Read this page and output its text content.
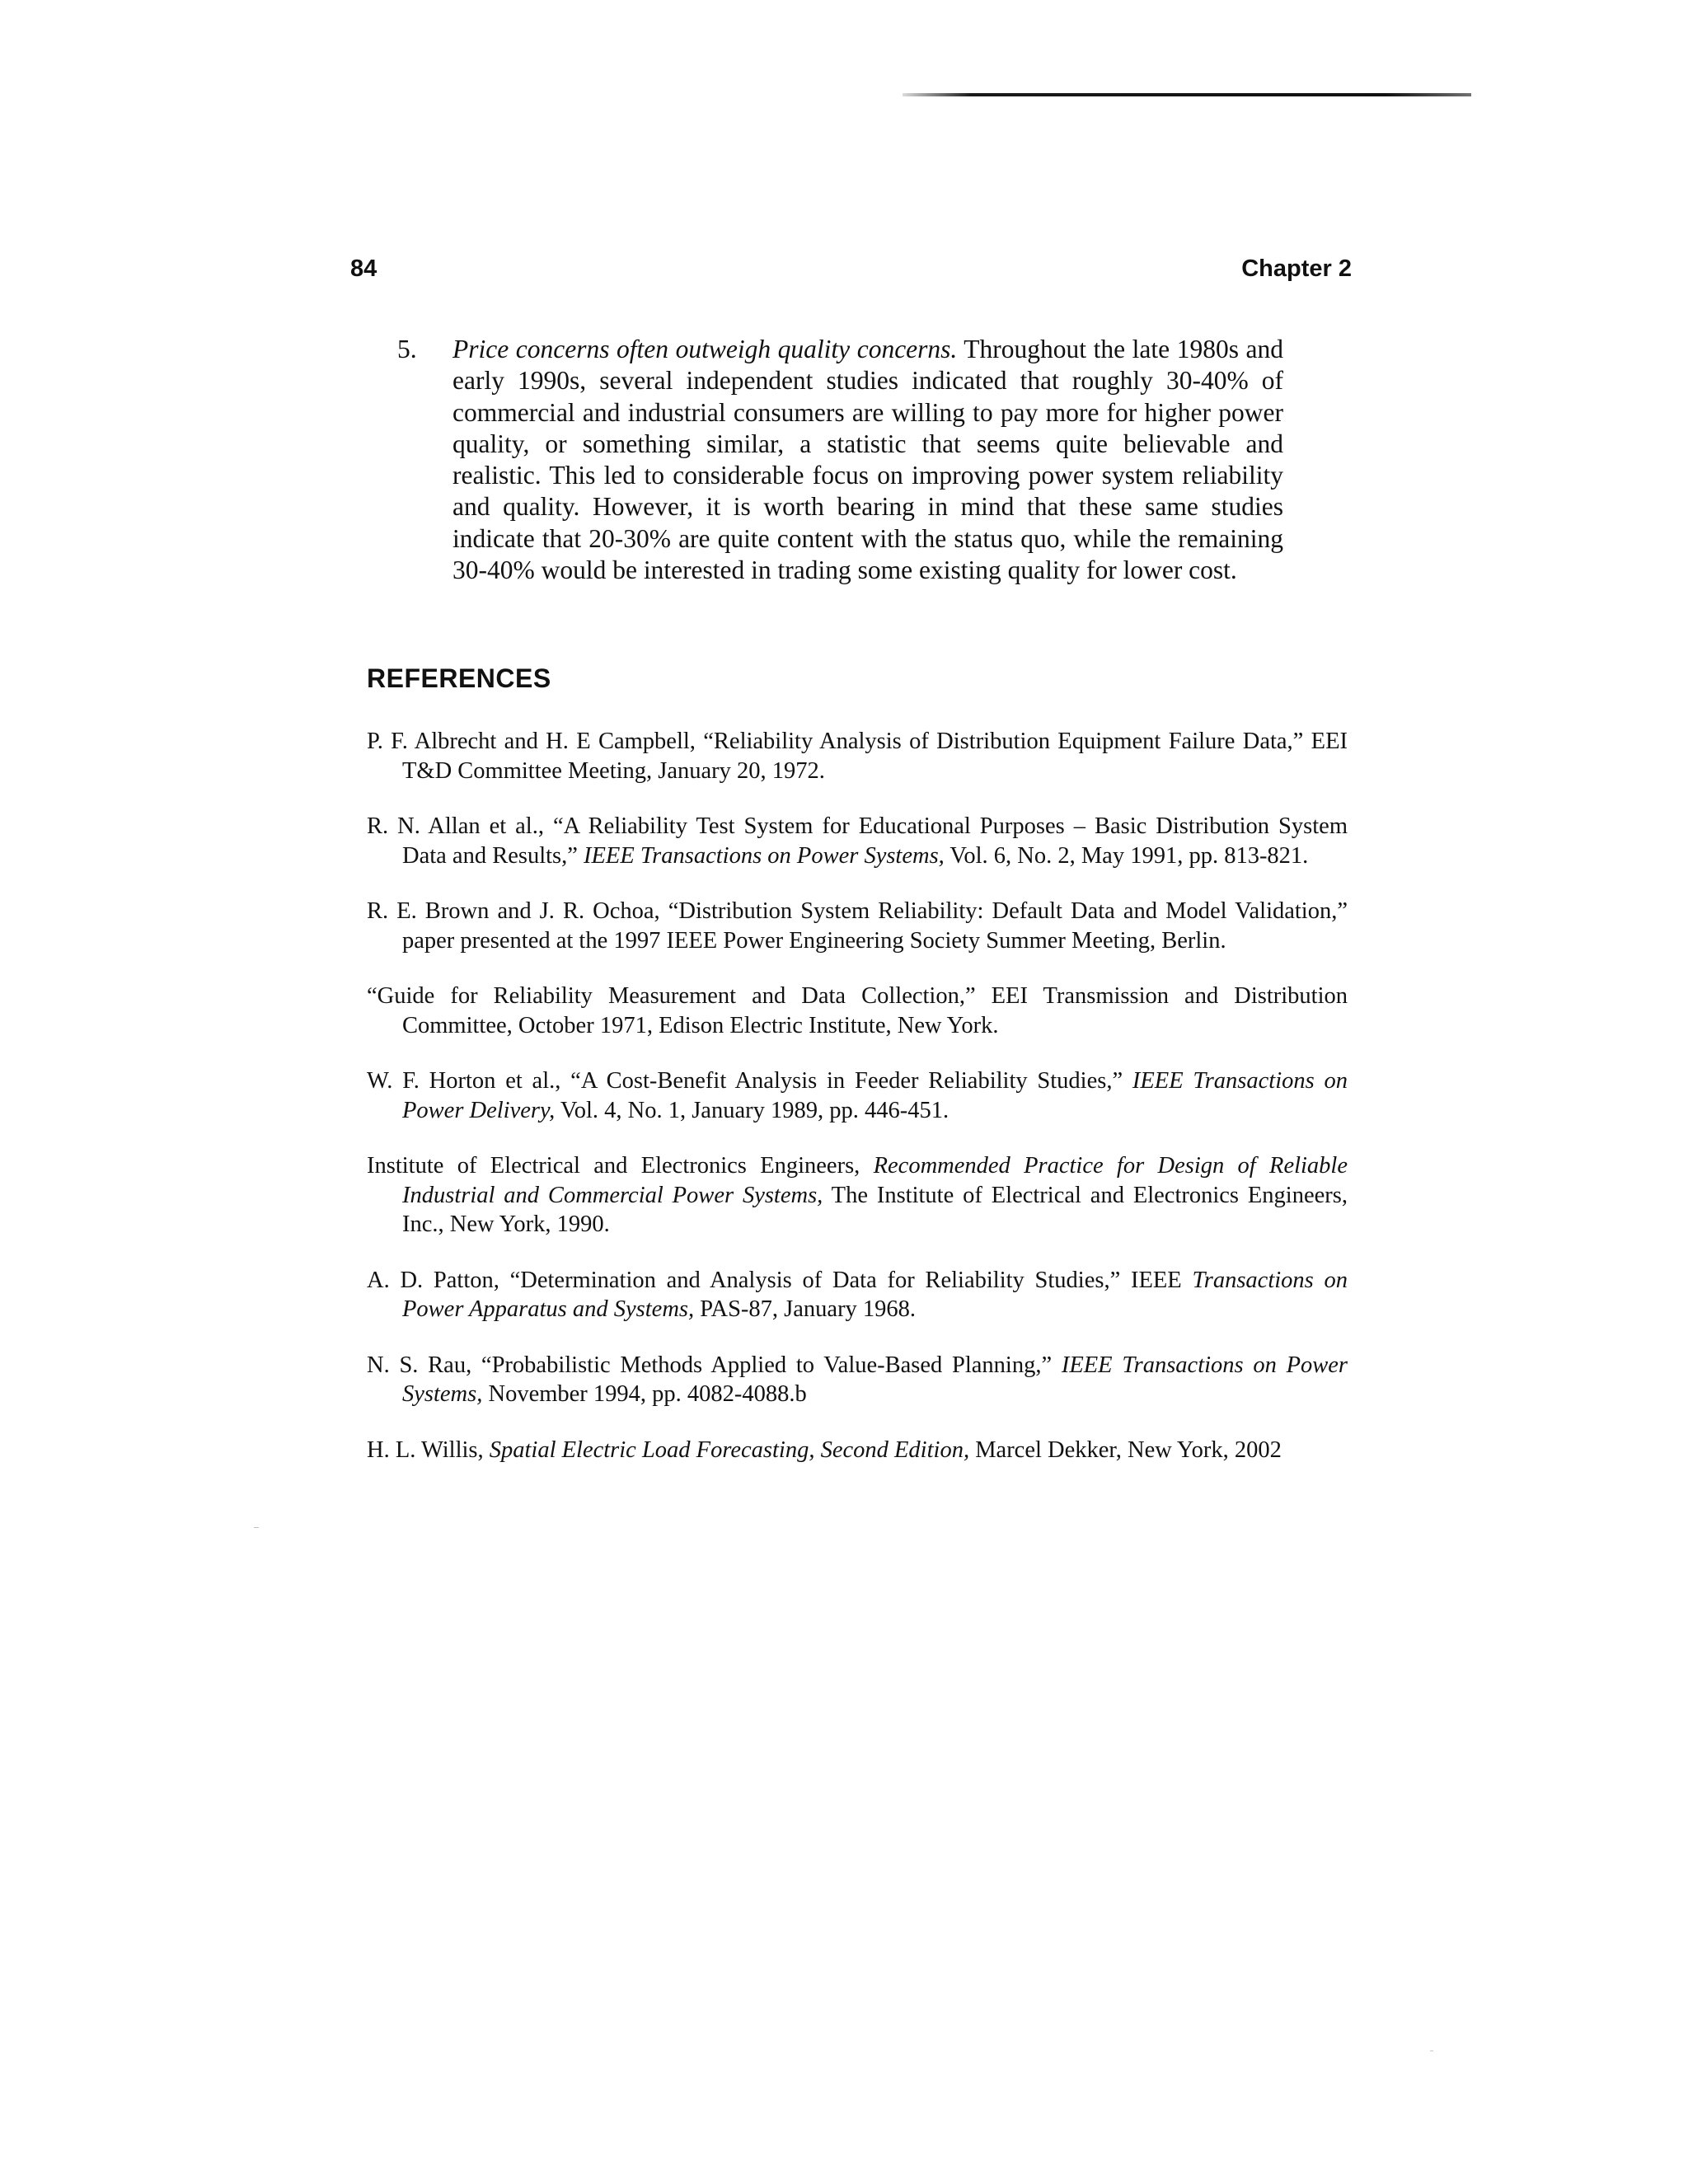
84	Chapter 2
5.	Price concerns often outweigh quality concerns. Throughout the late 1980s and early 1990s, several independent studies indicated that roughly 30-40% of commercial and industrial consumers are willing to pay more for higher power quality, or something similar, a statistic that seems quite believable and realistic. This led to considerable focus on improving power system reliability and quality. However, it is worth bearing in mind that these same studies indicate that 20-30% are quite content with the status quo, while the remaining 30-40% would be interested in trading some existing quality for lower cost.
REFERENCES
P. F. Albrecht and H. E Campbell, “Reliability Analysis of Distribution Equipment Failure Data,” EEI T&D Committee Meeting, January 20, 1972.
R. N. Allan et al., “A Reliability Test System for Educational Purposes – Basic Distribution System Data and Results,” IEEE Transactions on Power Systems, Vol. 6, No. 2, May 1991, pp. 813-821.
R. E. Brown and J. R. Ochoa, “Distribution System Reliability: Default Data and Model Validation,” paper presented at the 1997 IEEE Power Engineering Society Summer Meeting, Berlin.
“Guide for Reliability Measurement and Data Collection,” EEI Transmission and Distribution Committee, October 1971, Edison Electric Institute, New York.
W. F. Horton et al., “A Cost-Benefit Analysis in Feeder Reliability Studies,” IEEE Transactions on Power Delivery, Vol. 4, No. 1, January 1989, pp. 446-451.
Institute of Electrical and Electronics Engineers, Recommended Practice for Design of Reliable Industrial and Commercial Power Systems, The Institute of Electrical and Electronics Engineers, Inc., New York, 1990.
A. D. Patton, “Determination and Analysis of Data for Reliability Studies,” IEEE Transactions on Power Apparatus and Systems, PAS-87, January 1968.
N. S. Rau, “Probabilistic Methods Applied to Value-Based Planning,” IEEE Transactions on Power Systems, November 1994, pp. 4082-4088.b
H. L. Willis, Spatial Electric Load Forecasting, Second Edition, Marcel Dekker, New York, 2002
